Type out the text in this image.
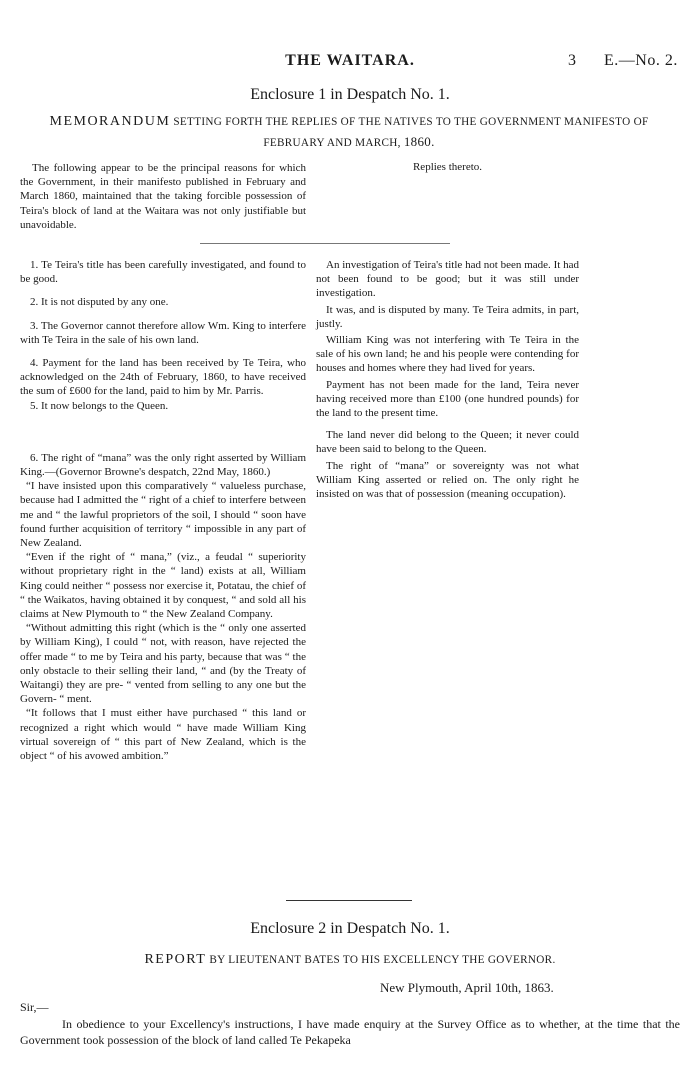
THE WAITARA.	3 E.—No. 2.
Enclosure 1 in Despatch No. 1.
MEMORANDUM SETTING FORTH THE REPLIES OF THE NATIVES TO THE GOVERNMENT MANIFESTO OF
FEBRUARY AND MARCH, 1860.

The following appear to be the principal reasons for which the Government, in their manifesto published in February and March 1860, maintained that the taking forcible possession of Teira's block of land at the Waitara was not only justifiable but unavoidable.

Replies thereto.

1. Te Teira's title has been carefully investigated, and found to be good.

2. It is not disputed by any one.

3. The Governor cannot therefore allow Wm. King to interfere with Te Teira in the sale of his own land.

4. Payment for the land has been received by Te Teira, who acknowledged on the 24th of February, 1860, to have received the sum of £600 for the land, paid to him by Mr. Parris.

5. It now belongs to the Queen.

6. The right of “mana” was the only right asserted by William King.—(Governor Browne's despatch, 22nd May, 1860.)

“I have insisted upon this comparatively “ valueless purchase, because had I admitted the “ right of a chief to interfere between me and “ the lawful proprietors of the soil, I should “ soon have found further acquisition of territory “ impossible in any part of New Zealand.

“Even if the right of “ mana,” (viz., a feudal “ superiority without proprietary right in the “ land) exists at all, William King could neither “ possess nor exercise it, Potatau, the chief of “ the Waikatos, having obtained it by conquest, “ and sold all his claims at New Plymouth to “ the New Zealand Company.

“Without admitting this right (which is the “ only one asserted by William King), I could “ not, with reason, have rejected the offer made “ to me by Teira and his party, because that was “ the only obstacle to their selling their land, “ and (by the Treaty of Waitangi) they are pre- “ vented from selling to any one but the Govern- “ ment.

“It follows that I must either have purchased “ this land or recognized a right which would “ have made William King virtual sovereign of “ this part of New Zealand, which is the object “ of his avowed ambition.”

An investigation of Teira's title had not been made. It had not been found to be good; but it was still under investigation.

It was, and is disputed by many. Te Teira admits, in part, justly.

William King was not interfering with Te Teira in the sale of his own land; he and his people were contending for houses and homes where they had lived for years.

Payment has not been made for the land, Teira never having received more than £100 (one hundred pounds) for the land to the present time.

The land never did belong to the Queen; it never could have been said to belong to the Queen.

The right of “mana” or sovereignty was not what William King asserted or relied on. The only right he insisted on was that of possession (meaning occupation).

Enclosure 2 in Despatch No. 1.
REPORT BY LIEUTENANT BATES TO HIS EXCELLENCY THE GOVERNOR.
New Plymouth, April 10th, 1863.
Sir,—

In obedience to your Excellency's instructions, I have made enquiry at the Survey Office as to whether, at the time that the Government took possession of the block of land called Te Pekapeka
